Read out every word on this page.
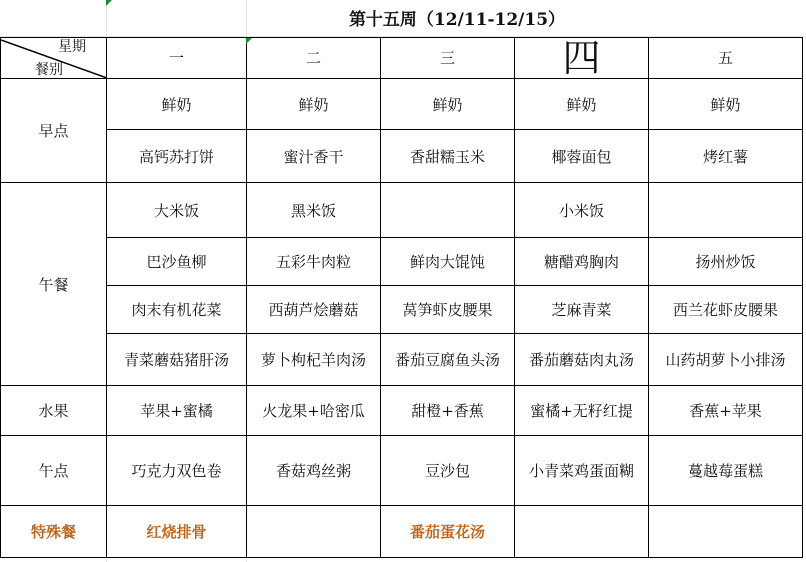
第十五周（12/11-12/15）
星期
餐别	一	二	三	四	五
早点	鲜奶	鲜奶	鲜奶	鲜奶	鲜奶
	高钙苏打饼	蜜汁香干	香甜糯玉米	椰蓉面包	烤红薯
午餐	大米饭	黑米饭		小米饭	
	巴沙鱼柳	五彩牛肉粒	鲜肉大馄饨	糖醋鸡胸肉	扬州炒饭
	肉末有机花菜	西葫芦烩蘑菇	莴笋虾皮腰果	芝麻青菜	西兰花虾皮腰果
	青菜蘑菇猪肝汤	萝卜枸杞羊肉汤	番茄豆腐鱼头汤	番茄蘑菇肉丸汤	山药胡萝卜小排汤
水果	苹果+蜜橘	火龙果+哈密瓜	甜橙+香蕉	蜜橘+无籽红提	香蕉+苹果
午点	巧克力双色卷	香菇鸡丝粥	豆沙包	小青菜鸡蛋面糊	蔓越莓蛋糕
特殊餐	红烧排骨		番茄蛋花汤		
